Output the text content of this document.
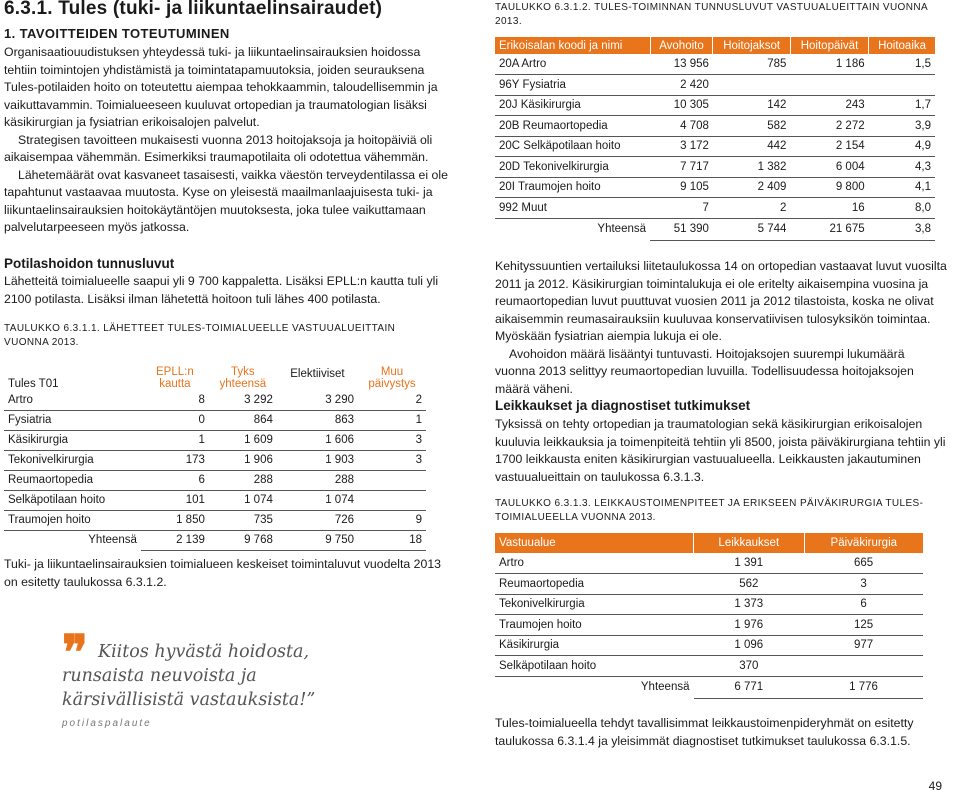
6.3.1. Tules (tuki- ja liikuntaelinsairaudet)
1. TAVOITTEIDEN TOTEUTUMINEN

Organisaatiouudistuksen yhteydessä tuki- ja liikuntaelinsairauksien hoidossa tehtiin toimintojen yhdistämistä ja toimintatapamuutoksia, joiden seurauksena Tules-potilaiden hoito on toteutettu aiempaa tehokkaammin, taloudellisemmin ja vaikuttavammin. Toimialueeseen kuuluvat ortopedian ja traumatologian lisäksi käsikirurgian ja fysiatrian erikoisalojen palvelut.

Strategisen tavoitteen mukaisesti vuonna 2013 hoitojaksoja ja hoitopäiviä oli aikaisempaa vähemmän. Esimerkiksi traumapotilaita oli odotettua vähemmän.

Lähetemäärät ovat kasvaneet tasaisesti, vaikka väestön terveydentilassa ei ole tapahtunut vastaavaa muutosta. Kyse on yleisestä maailmanlaajuisesta tuki- ja liikuntaelinsairauksien hoitokäytäntöjen muutoksesta, joka tulee vaikuttamaan palvelutarpeeseen myös jatkossa.

Potilashoidon tunnusluvut

Lähetteitä toimialueelle saapui yli 9 700 kappaletta. Lisäksi EPLL:n kautta tuli yli 2100 potilasta. Lisäksi ilman lähetettä hoitoon tuli lähes 400 potilasta.

TAULUKKO 6.3.1.1. LÄHETTEET TULES-TOIMIALUEELLE VASTUUALUEITTAIN VUONNA 2013.
Tules T01	EPLL:n kautta	Tyks yhteensä	Elektiiviset	Muu päivystys
Artro	8	3 292	3 290	2
Fysiatria	0	864	863	1
Käsikirurgia	1	1 609	1 606	3
Tekonivelkirurgia	173	1 906	1 903	3
Reumaortopedia	6	288	288	
Selkäpotilaan hoito	101	1 074	1 074	
Traumojen hoito	1 850	735	726	9
Yhteensä	2 139	9 768	9 750	18

Tuki- ja liikuntaelinsairauksien toimialueen keskeiset toimintaluvut vuodelta 2013 on esitetty taulukossa 6.3.1.2.

❞ Kiitos hyvästä hoidosta,
runsaista neuvoista ja
kärsivällisistä vastauksista!”
potilaspalaute
TAULUKKO 6.3.1.2. TULES-TOIMINNAN TUNNUSLUVUT VASTUUALUEITTAIN VUONNA 2013.
Erikoisalan koodi ja nimi	Avohoito	Hoitojaksot	Hoitopäivät	Hoitoaika
20A Artro	13 956	785	1 186	1,5
96Y Fysiatria	2 420			
20J Käsikirurgia	10 305	142	243	1,7
20B Reumaortopedia	4 708	582	2 272	3,9
20C Selkäpotilaan hoito	3 172	442	2 154	4,9
20D Tekonivelkirurgia	7 717	1 382	6 004	4,3
20I Traumojen hoito	9 105	2 409	9 800	4,1
992 Muut	7	2	16	8,0
Yhteensä	51 390	5 744	21 675	3,8

Kehityssuuntien vertailuksi liitetaulukossa 14 on ortopedian vastaavat luvut vuosilta 2011 ja 2012. Käsikirurgian toimintalukuja ei ole eritelty aikaisempina vuosina ja reumaortopedian luvut puuttuvat vuosien 2011 ja 2012 tilastoista, koska ne olivat aikaisemmin reumasairauksiin kuuluvaa konservatiivisen tulosyksikön toimintaa. Myöskään fysiatrian aiempia lukuja ei ole.

Avohoidon määrä lisääntyi tuntuvasti. Hoitojaksojen suurempi lukumäärä vuonna 2013 selittyy reumaortopedian luvuilla. Todellisuudessa hoitojaksojen määrä väheni.

Leikkaukset ja diagnostiset tutkimukset

Tyksissä on tehty ortopedian ja traumatologian sekä käsikirurgian erikoisalojen kuuluvia leikkauksia ja toimenpiteitä tehtiin yli 8500, joista päiväkirurgiana tehtiin yli 1700 leikkausta eniten käsikirurgian vastuualueella. Leikkausten jakautuminen vastuualueittain on taulukossa 6.3.1.3.

TAULUKKO 6.3.1.3. LEIKKAUSTOIMENPITEET JA ERIKSEEN PÄIVÄKIRURGIA TULES-TOIMIALUEELLA VUONNA 2013.
Vastuualue	Leikkaukset	Päiväkirurgia
Artro	1 391	665
Reumaortopedia	562	3
Tekonivelkirurgia	1 373	6
Traumojen hoito	1 976	125
Käsikirurgia	1 096	977
Selkäpotilaan hoito	370	
Yhteensä	6 771	1 776

Tules-toimialueella tehdyt tavallisimmat leikkaustoimenpideryhmät on esitetty taulukossa 6.3.1.4 ja yleisimmät diagnostiset tutkimukset taulukossa 6.3.1.5.

49
